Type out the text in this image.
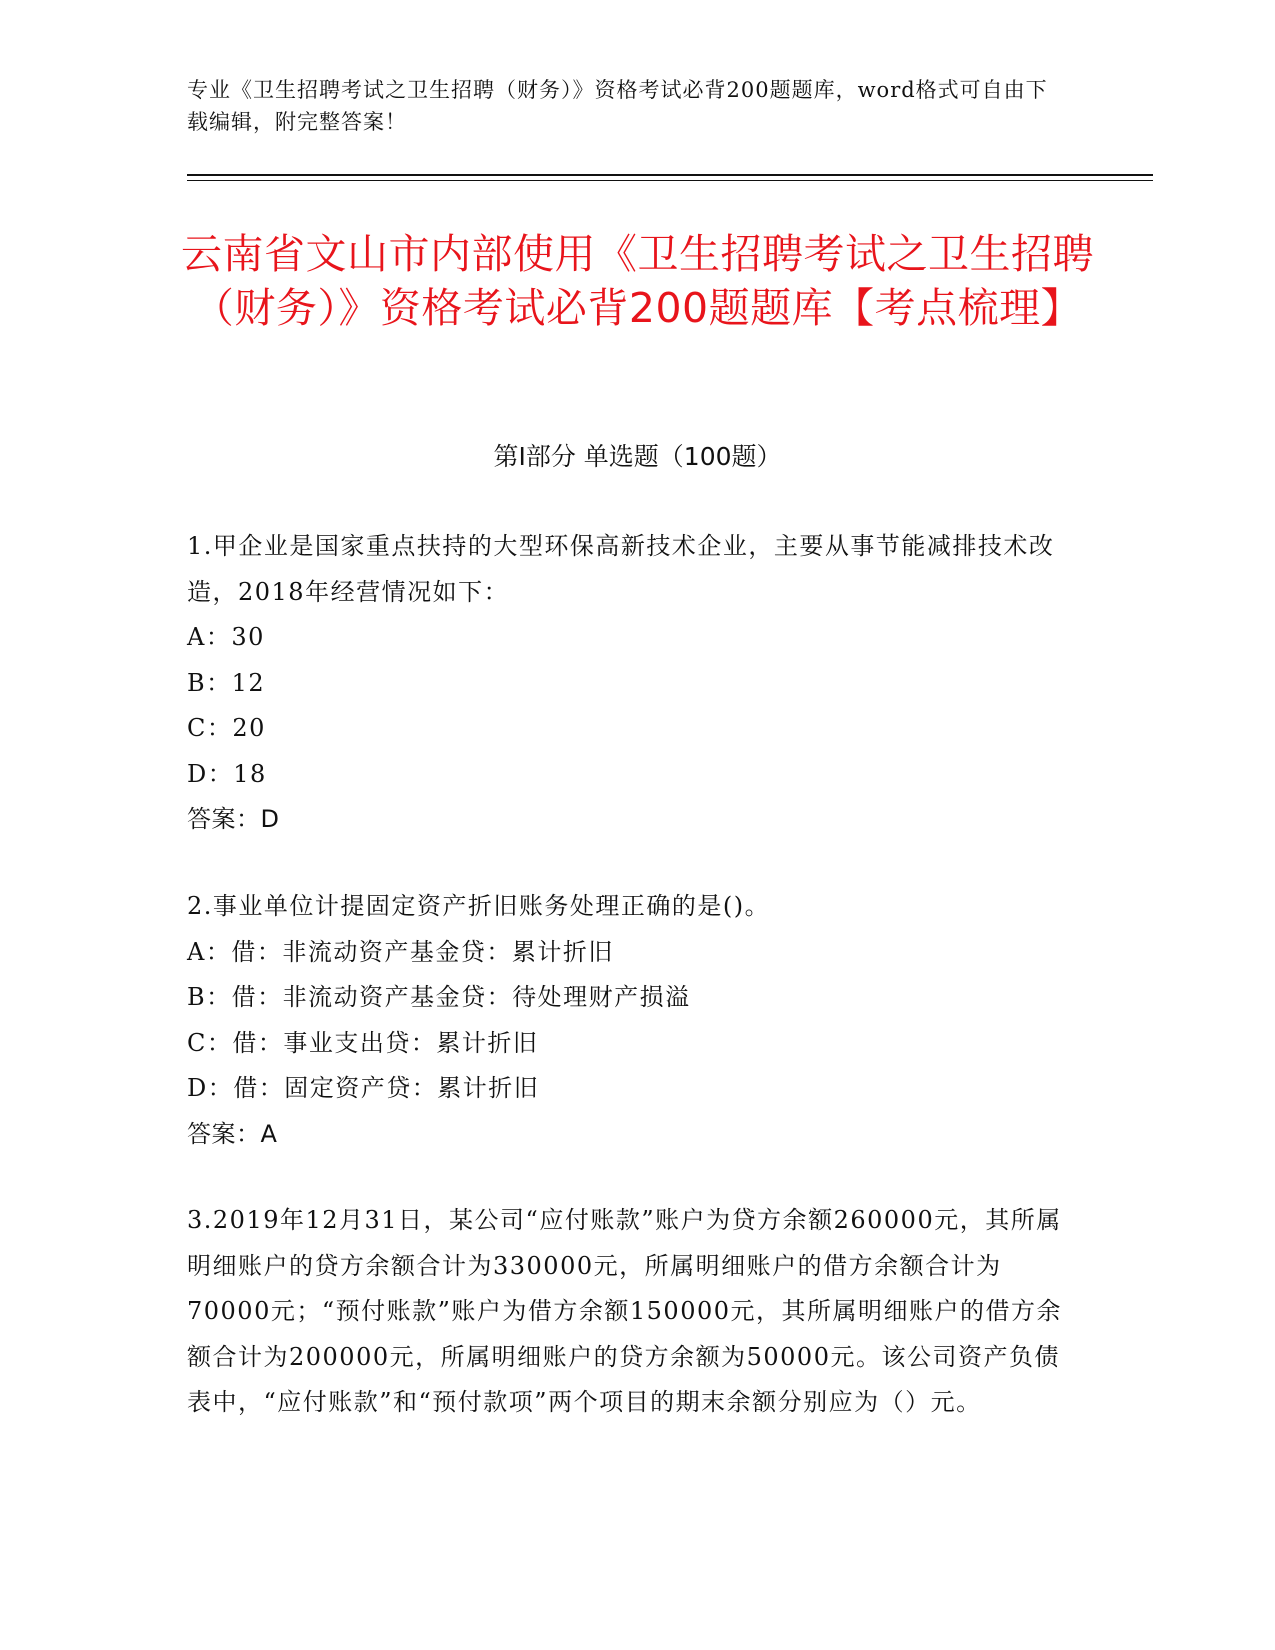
专业《卫生招聘考试之卫生招聘（财务）》资格考试必背200题题库，word格式可自由下载编辑，附完整答案！
云南省文山市内部使用《卫生招聘考试之卫生招聘（财务）》资格考试必背200题题库【考点梳理】
第I部分 单选题（100题）
1.甲企业是国家重点扶持的大型环保高新技术企业，主要从事节能减排技术改造，2018年经营情况如下：
A：30
B：12
C：20
D：18
答案：D
2.事业单位计提固定资产折旧账务处理正确的是()。
A：借：非流动资产基金贷：累计折旧
B：借：非流动资产基金贷：待处理财产损溢
C：借：事业支出贷：累计折旧
D：借：固定资产贷：累计折旧
答案：A
3.2019年12月31日，某公司“应付账款”账户为贷方余额260000元，其所属明细账户的贷方余额合计为330000元，所属明细账户的借方余额合计为70000元；“预付账款”账户为借方余额150000元，其所属明细账户的借方余额合计为200000元，所属明细账户的贷方余额为50000元。该公司资产负债表中，“应付账款”和“预付款项”两个项目的期末余额分别应为（）元。
